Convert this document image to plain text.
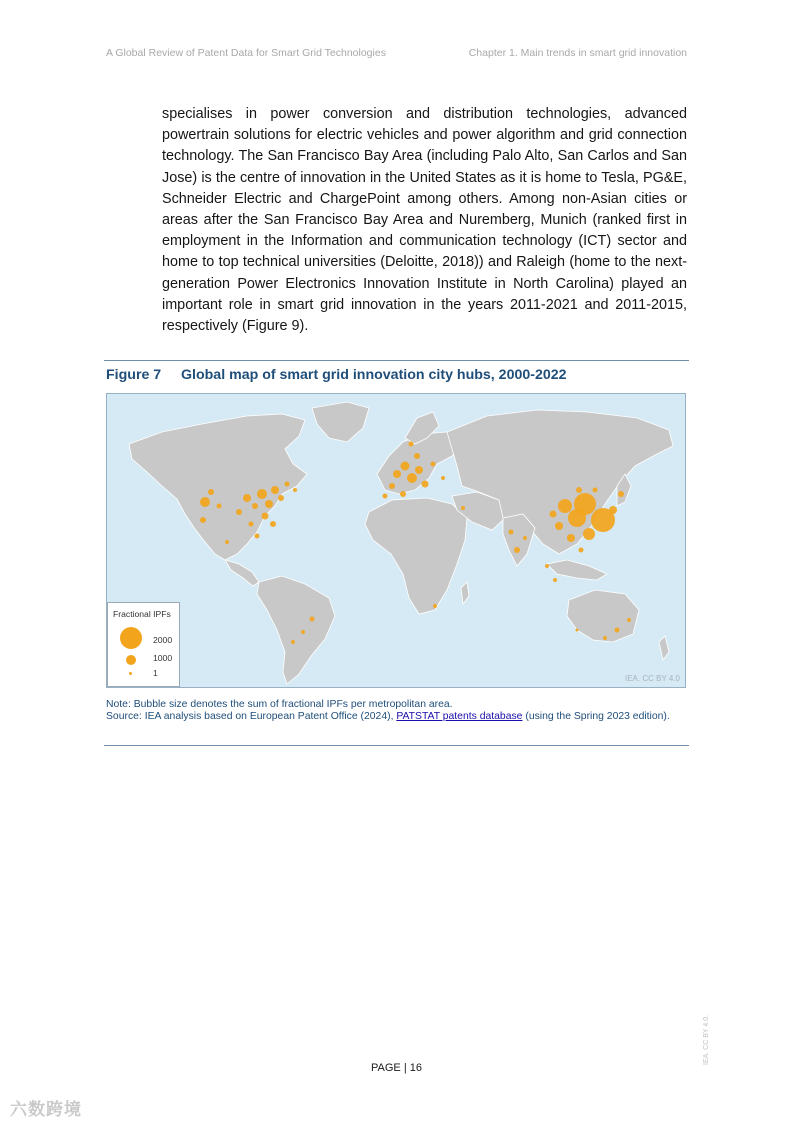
A Global Review of Patent Data for Smart Grid Technologies	Chapter 1. Main trends in smart grid innovation

specialises in power conversion and distribution technologies, advanced powertrain solutions for electric vehicles and power algorithm and grid connection technology. The San Francisco Bay Area (including Palo Alto, San Carlos and San Jose) is the centre of innovation in the United States as it is home to Tesla, PG&E, Schneider Electric and ChargePoint among others. Among non-Asian cities or areas after the San Francisco Bay Area and Nuremberg, Munich (ranked first in employment in the Information and communication technology (ICT) sector and home to top technical universities (Deloitte, 2018)) and Raleigh (home to the next-generation Power Electronics Innovation Institute in North Carolina) played an important role in smart grid innovation in the years 2011-2021 and 2011-2015, respectively (Figure 9).

Figure 7 Global map of smart grid innovation city hubs, 2000-2022
Fractional IPFs
2000
1000
1
IEA. CC BY 4.0
Note: Bubble size denotes the sum of fractional IPFs per metropolitan area.
Source: IEA analysis based on European Patent Office (2024), PATSTAT patents database (using the Spring 2023 edition).
PAGE | 16
IEA. CC BY 4.0.
六数跨境
